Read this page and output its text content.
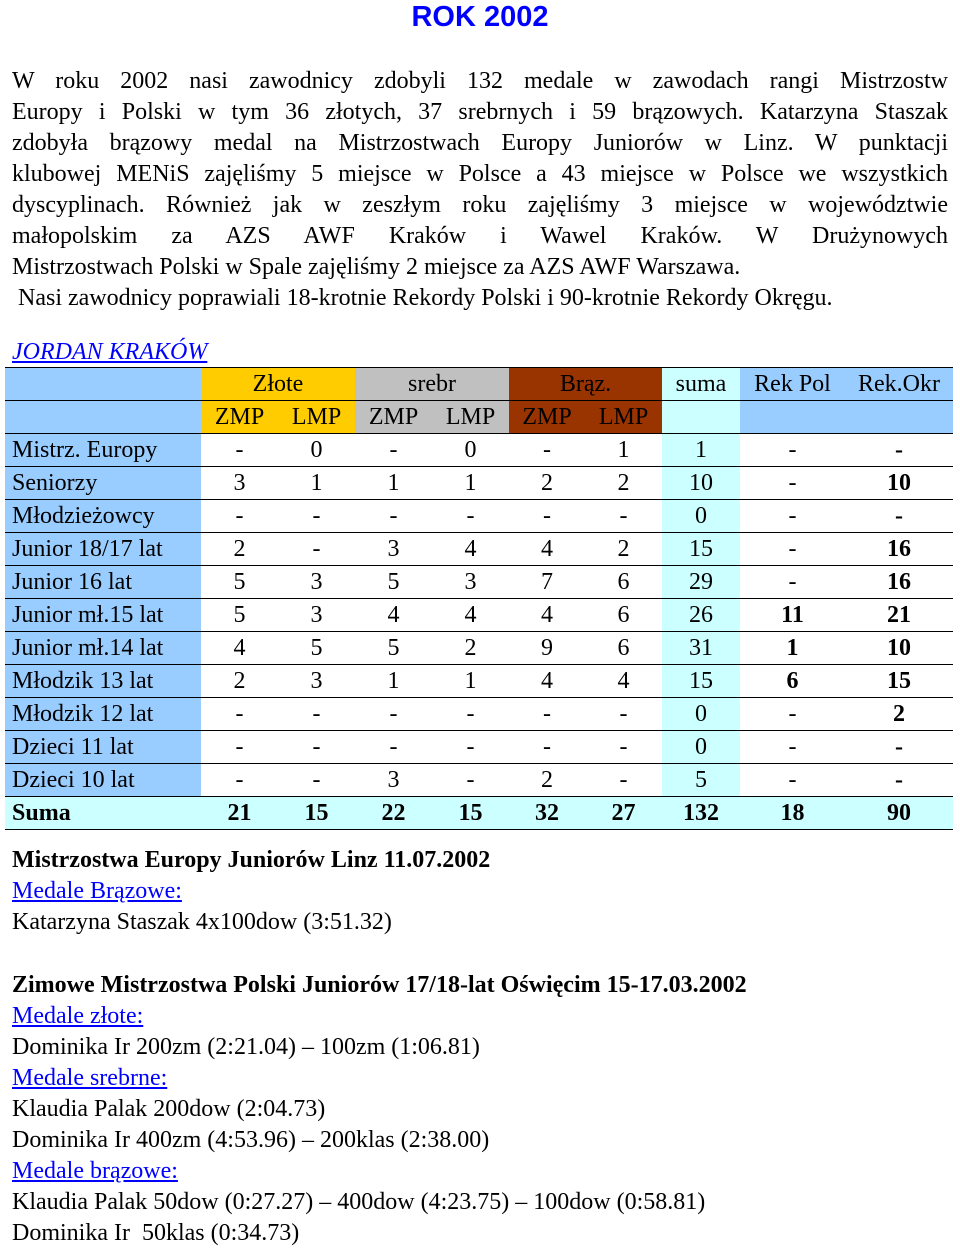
ROK 2002
W roku 2002 nasi zawodnicy zdobyli 132 medale w zawodach rangi Mistrzostw
Europy i Polski w tym 36 złotych, 37 srebrnych i 59 brązowych. Katarzyna Staszak
zdobyła brązowy medal na Mistrzostwach Europy Juniorów w Linz. W punktacji
klubowej MENiS zajęliśmy 5 miejsce w Polsce a 43 miejsce w Polsce we wszystkich
dyscyplinach. Również jak w zeszłym roku zajęliśmy 3 miejsce w województwie
małopolskim za AZS AWF Kraków i Wawel Kraków. W Drużynowych
Mistrzostwach Polski w Spale zajęliśmy 2 miejsce za AZS AWF Warszawa.
Nasi zawodnicy poprawiali 18-krotnie Rekordy Polski i 90-krotnie Rekordy Okręgu.
JORDAN KRAKÓW
	Złote		srebr		Brąz.		suma	Rek Pol	Rek.Okr
	ZMP	LMP	ZMP	LMP	ZMP	LMP			
Mistrz. Europy	-	0	-	0	-	1	1	-	-
Seniorzy	3	1	1	1	2	2	10	-	10
Młodzieżowcy	-	-	-	-	-	-	0	-	-
Junior 18/17 lat	2	-	3	4	4	2	15	-	16
Junior 16 lat	5	3	5	3	7	6	29	-	16
Junior mł.15 lat	5	3	4	4	4	6	26	11	21
Junior mł.14 lat	4	5	5	2	9	6	31	1	10
Młodzik 13 lat	2	3	1	1	4	4	15	6	15
Młodzik 12 lat	-	-	-	-	-	-	0	-	2
Dzieci 11 lat	-	-	-	-	-	-	0	-	-
Dzieci 10 lat	-	-	3	-	2	-	5	-	-
Suma	21	15	22	15	32	27	132	18	90
Mistrzostwa Europy Juniorów Linz 11.07.2002
Medale Brązowe:
Katarzyna Staszak 4x100dow (3:51.32)
Zimowe Mistrzostwa Polski Juniorów 17/18-lat Oświęcim 15-17.03.2002
Medale złote:
Dominika Ir 200zm (2:21.04) – 100zm (1:06.81)
Medale srebrne:
Klaudia Palak 200dow (2:04.73)
Dominika Ir 400zm (4:53.96) – 200klas (2:38.00)
Medale brązowe:
Klaudia Palak 50dow (0:27.27) – 400dow (4:23.75) – 100dow (0:58.81)
Dominika Ir  50klas (0:34.73)
